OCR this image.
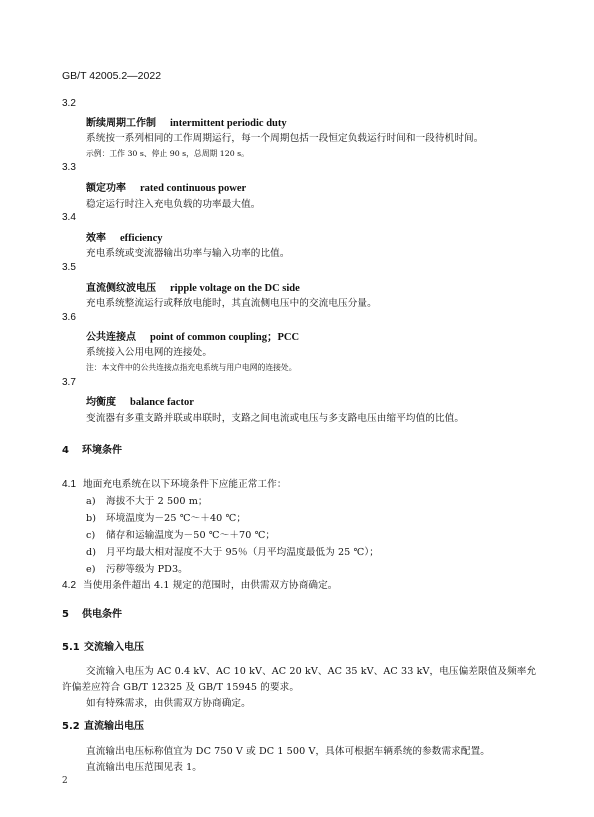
GB/T 42005.2—2022
3.2
断续周期工作制 intermittent periodic duty
系统按一系列相同的工作周期运行，每一个周期包括一段恒定负载运行时间和一段待机时间。
示例：工作 30 s、停止 90 s，总周期 120 s。
3.3
额定功率 rated continuous power
稳定运行时注入充电负载的功率最大值。
3.4
效率 efficiency
充电系统或变流器输出功率与输入功率的比值。
3.5
直流侧纹波电压 ripple voltage on the DC side
充电系统整流运行或释放电能时，其直流侧电压中的交流电压分量。
3.6
公共连接点 point of common coupling；PCC
系统接入公用电网的连接处。
注：本文件中的公共连接点指充电系统与用户电网的连接处。
3.7
均衡度 balance factor
变流器有多重支路并联或串联时，支路之间电流或电压与多支路电压由缩平均值的比值。
4 环境条件
4.1 地面充电系统在以下环境条件下应能正常工作：
a) 海拔不大于 2 500 m；
b) 环境温度为－25 ℃～＋40 ℃；
c) 储存和运输温度为－50 ℃～＋70 ℃；
d) 月平均最大相对湿度不大于 95％（月平均温度最低为 25 ℃）；
e) 污秽等级为 PD3。
4.2 当使用条件超出 4.1 规定的范围时，由供需双方协商确定。
5 供电条件
5.1 交流输入电压
交流输入电压为 AC 0.4 kV、AC 10 kV、AC 20 kV、AC 35 kV、AC 33 kV，电压偏差限值及频率允
许偏差应符合 GB/T 12325 及 GB/T 15945 的要求。
如有特殊需求，由供需双方协商确定。
5.2 直流输出电压
直流输出电压标称值宜为 DC 750 V 或 DC 1 500 V，具体可根据车辆系统的参数需求配置。
直流输出电压范围见表 1。
2
